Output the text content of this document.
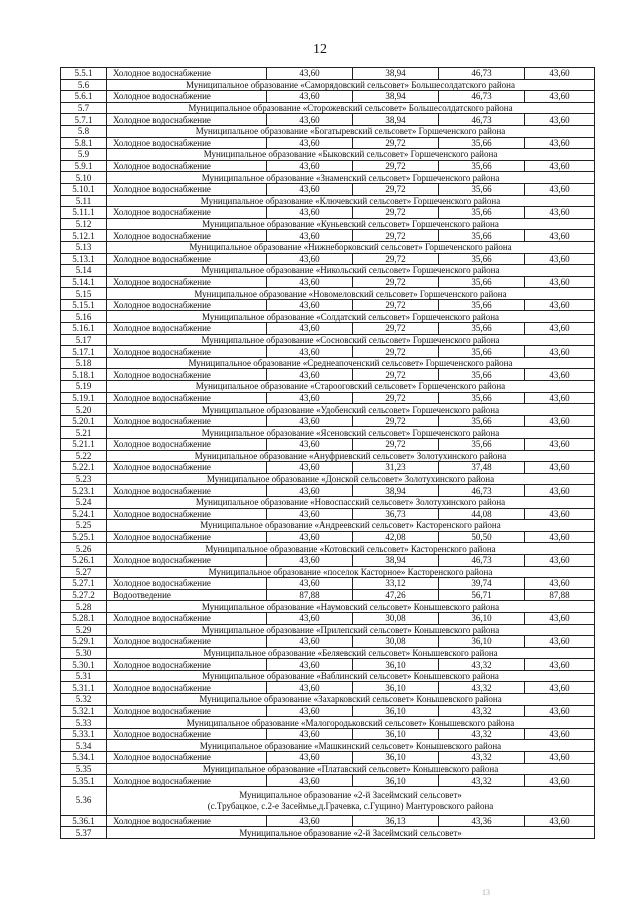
12
5.5.1	Холодное водоснабжение	43,60	38,94	46,73	43,60
5.6	Муниципальное образование «Саморядовский сельсовет» Большесолдатского района				
5.6.1	Холодное водоснабжение	43,60	38,94	46,73	43,60
5.7	Муниципальное образование «Сторожевский сельсовет» Большесолдатского района				
5.7.1	Холодное водоснабжение	43,60	38,94	46,73	43,60
5.8	Муниципальное образование «Богатыревский сельсовет» Горшеченского района				
5.8.1	Холодное водоснабжение	43,60	29,72	35,66	43,60
5.9	Муниципальное образование «Быковский сельсовет» Горшеченского района				
5.9.1	Холодное водоснабжение	43,60	29,72	35,66	43,60
5.10	Муниципальное образование «Знаменский сельсовет» Горшеченского района				
5.10.1	Холодное водоснабжение	43,60	29,72	35,66	43,60
5.11	Муниципальное образование «Ключевский сельсовет» Горшеченского района				
5.11.1	Холодное водоснабжение	43,60	29,72	35,66	43,60
5.12	Муниципальное образование «Куньевский сельсовет» Горшеченского района				
5.12.1	Холодное водоснабжение	43,60	29,72	35,66	43,60
5.13	Муниципальное образование «Нижнеборковский сельсовет» Горшеченского района				
5.13.1	Холодное водоснабжение	43,60	29,72	35,66	43,60
5.14	Муниципальное образование «Никольский сельсовет» Горшеченского района				
5.14.1	Холодное водоснабжение	43,60	29,72	35,66	43,60
5.15	Муниципальное образование «Новомеловский сельсовет» Горшеченского района				
5.15.1	Холодное водоснабжение	43,60	29,72	35,66	43,60
5.16	Муниципальное образование «Солдатский сельсовет» Горшеченского района				
5.16.1	Холодное водоснабжение	43,60	29,72	35,66	43,60
5.17	Муниципальное образование «Сосновский сельсовет» Горшеченского района				
5.17.1	Холодное водоснабжение	43,60	29,72	35,66	43,60
5.18	Муниципальное образование «Среднеапоченский сельсовет» Горшеченского района				
5.18.1	Холодное водоснабжение	43,60	29,72	35,66	43,60
5.19	Муниципальное образование «Старооговский сельсовет» Горшеченского района				
5.19.1	Холодное водоснабжение	43,60	29,72	35,66	43,60
5.20	Муниципальное образование «Удобенский сельсовет» Горшеченского района				
5.20.1	Холодное водоснабжение	43,60	29,72	35,66	43,60
5.21	Муниципальное образование «Ясеновский сельсовет» Горшеченского района				
5.21.1	Холодное водоснабжение	43,60	29,72	35,66	43,60
5.22	Муниципальное образование «Ануфриевский сельсовет» Золотухинского района				
5.22.1	Холодное водоснабжение	43,60	31,23	37,48	43,60
5.23	Муниципальное образование «Донской сельсовет» Золотухинского района				
5.23.1	Холодное водоснабжение	43,60	38,94	46,73	43,60
5.24	Муниципальное образование «Новоспасский сельсовет» Золотухинского района				
5.24.1	Холодное водоснабжение	43,60	36,73	44,08	43,60
5.25	Муниципальное образование «Андреевский сельсовет» Касторенского района				
5.25.1	Холодное водоснабжение	43,60	42,08	50,50	43,60
5.26	Муниципальное образование «Котовский сельсовет» Касторенского района				
5.26.1	Холодное водоснабжение	43,60	38,94	46,73	43,60
5.27	Муниципальное образование «поселок Касторное» Касторенского района				
5.27.1	Холодное водоснабжение	43,60	33,12	39,74	43,60
5.27.2	Водоотведение	87,88	47,26	56,71	87,88
5.28	Муниципальное образование «Наумовский сельсовет» Конышевского района				
5.28.1	Холодное водоснабжение	43,60	30,08	36,10	43,60
5.29	Муниципальное образование «Прилепский сельсовет» Конышевского района				
5.29.1	Холодное водоснабжение	43,60	30,08	36,10	43,60
5.30	Муниципальное образование «Беляевский сельсовет» Конышевского района				
5.30.1	Холодное водоснабжение	43,60	36,10	43,32	43,60
5.31	Муниципальное образование «Ваблинский сельсовет» Конышевского района				
5.31.1	Холодное водоснабжение	43,60	36,10	43,32	43,60
5.32	Муниципальное образование «Захарковский сельсовет» Конышевского района				
5.32.1	Холодное водоснабжение	43,60	36,10	43,32	43,60
5.33	Муниципальное образование «Малогородьковский сельсовет» Конышевского района				
5.33.1	Холодное водоснабжение	43,60	36,10	43,32	43,60
5.34	Муниципальное образование «Машкинский сельсовет» Конышевского района				
5.34.1	Холодное водоснабжение	43,60	36,10	43,32	43,60
5.35	Муниципальное образование «Платавский сельсовет» Конышевского района				
5.35.1	Холодное водоснабжение	43,60	36,10	43,32	43,60
5.36	Муниципальное образование «2-й Засеймский сельсовет»
(с.Трубацкое, с.2-е Засеймье,д.Грачевка, с.Гущино) Мантуровского района				
5.36.1	Холодное водоснабжение	43,60	36,13	43,36	43,60
5.37	Муниципальное образование «2-й Засеймский сельсовет»				
13
